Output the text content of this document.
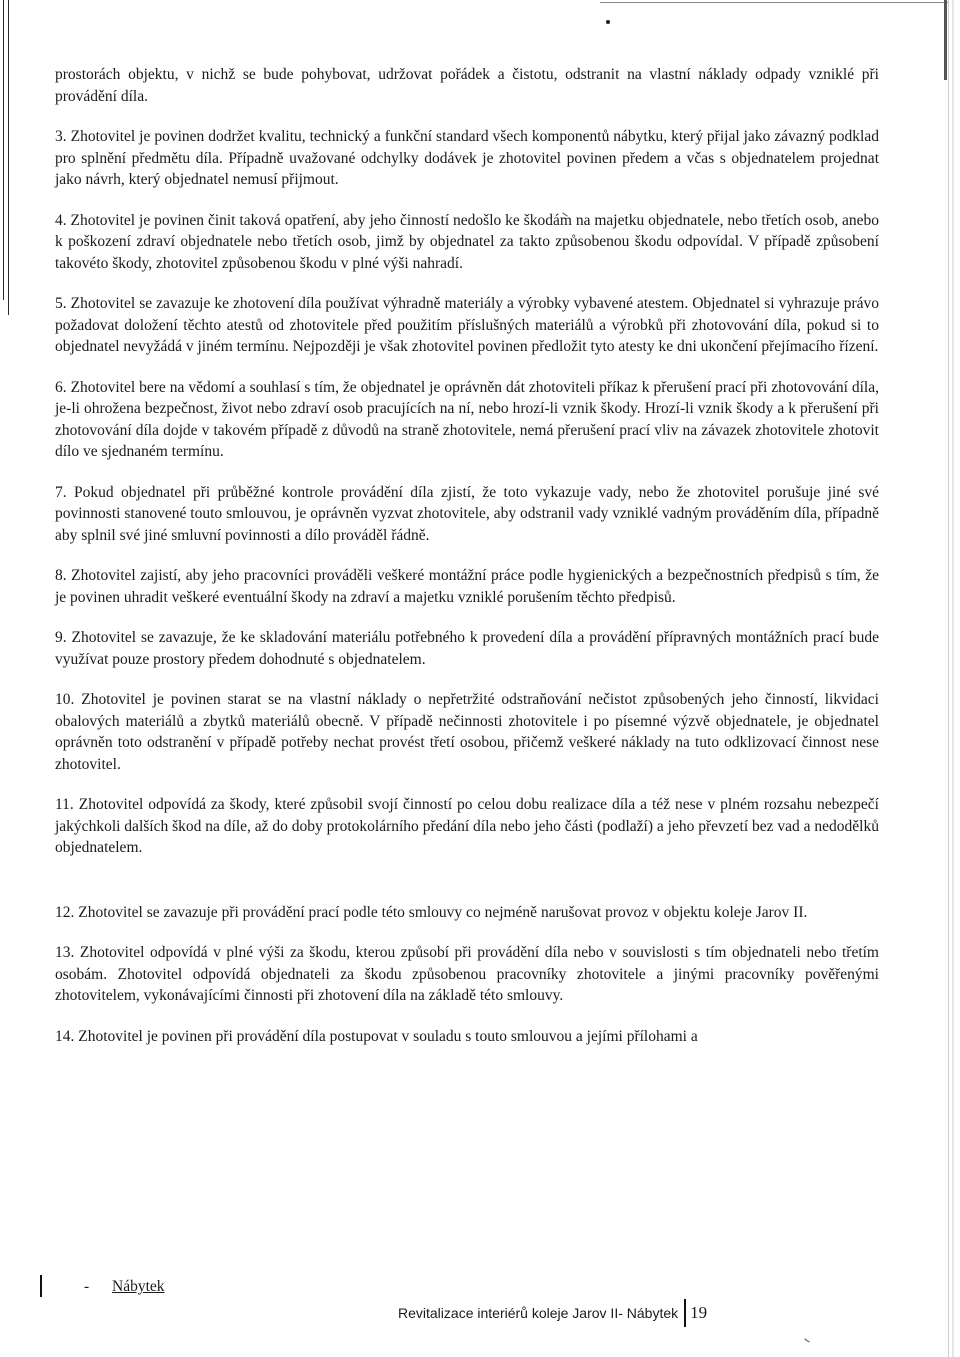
prostorách objektu, v nichž se bude pohybovat, udržovat pořádek a čistotu, odstranit na vlastní náklady odpady vzniklé při provádění díla.

3. Zhotovitel je povinen dodržet kvalitu, technický a funkční standard všech komponentů nábytku, který přijal jako závazný podklad pro splnění předmětu díla. Případně uvažované odchylky dodávek je zhotovitel povinen předem a včas s objednatelem projednat jako návrh, který objednatel nemusí přijmout.

4. Zhotovitel je povinen činit taková opatření, aby jeho činností nedošlo ke škodám na majetku objednatele, nebo třetích osob, anebo k poškození zdraví objednatele nebo třetích osob, jimž by objednatel za takto způsobenou škodu odpovídal. V případě způsobení takovéto škody, zhotovitel způsobenou škodu v plné výši nahradí.

5. Zhotovitel se zavazuje ke zhotovení díla používat výhradně materiály a výrobky vybavené atestem. Objednatel si vyhrazuje právo požadovat doložení těchto atestů od zhotovitele před použitím příslušných materiálů a výrobků při zhotovování díla, pokud si to objednatel nevyžádá v jiném termínu. Nejpozději je však zhotovitel povinen předložit tyto atesty ke dni ukončení přejímacího řízení.

6. Zhotovitel bere na vědomí a souhlasí s tím, že objednatel je oprávněn dát zhotoviteli příkaz k přerušení prací při zhotovování díla, je-li ohrožena bezpečnost, život nebo zdraví osob pracujících na ní, nebo hrozí-li vznik škody. Hrozí-li vznik škody a k přerušení při zhotovování díla dojde v takovém případě z důvodů na straně zhotovitele, nemá přerušení prací vliv na závazek zhotovitele zhotovit dílo ve sjednaném termínu.

7. Pokud objednatel při průběžné kontrole provádění díla zjistí, že toto vykazuje vady, nebo že zhotovitel porušuje jiné své povinnosti stanovené touto smlouvou, je oprávněn vyzvat zhotovitele, aby odstranil vady vzniklé vadným prováděním díla, případně aby splnil své jiné smluvní povinnosti a dílo prováděl řádně.

8. Zhotovitel zajistí, aby jeho pracovníci prováděli veškeré montážní práce podle hygienických a bezpečnostních předpisů s tím, že je povinen uhradit veškeré eventuální škody na zdraví a majetku vzniklé porušením těchto předpisů.

9. Zhotovitel se zavazuje, že ke skladování materiálu potřebného k provedení díla a provádění přípravných montážních prací bude využívat pouze prostory předem dohodnuté s objednatelem.

10. Zhotovitel je povinen starat se na vlastní náklady o nepřetržité odstraňování nečistot způsobených jeho činností, likvidaci obalových materiálů a zbytků materiálů obecně. V případě nečinnosti zhotovitele i po písemné výzvě objednatele, je objednatel oprávněn toto odstranění v případě potřeby nechat provést třetí osobou, přičemž veškeré náklady na tuto odklizovací činnost nese zhotovitel.

11. Zhotovitel odpovídá za škody, které způsobil svojí činností po celou dobu realizace díla a též nese v plném rozsahu nebezpečí jakýchkoli dalších škod na díle, až do doby protokolárního předání díla nebo jeho části (podlaží) a jeho převzetí bez vad a nedodělků objednatelem.

12. Zhotovitel se zavazuje při provádění prací podle této smlouvy co nejméně narušovat provoz v objektu koleje Jarov II.

13. Zhotovitel odpovídá v plné výši za škodu, kterou způsobí při provádění díla nebo v souvislosti s tím objednateli nebo třetím osobám. Zhotovitel odpovídá objednateli za škodu způsobenou pracovníky zhotovitele a jinými pracovníky pověřenými zhotovitelem, vykonávajícími činnosti při zhotovení díla na základě této smlouvy.

14. Zhotovitel je povinen při provádění díla postupovat v souladu s touto smlouvou a jejími přílohami a

- Nábytek
Revitalizace interiérů koleje Jarov II- Nábytek 19
